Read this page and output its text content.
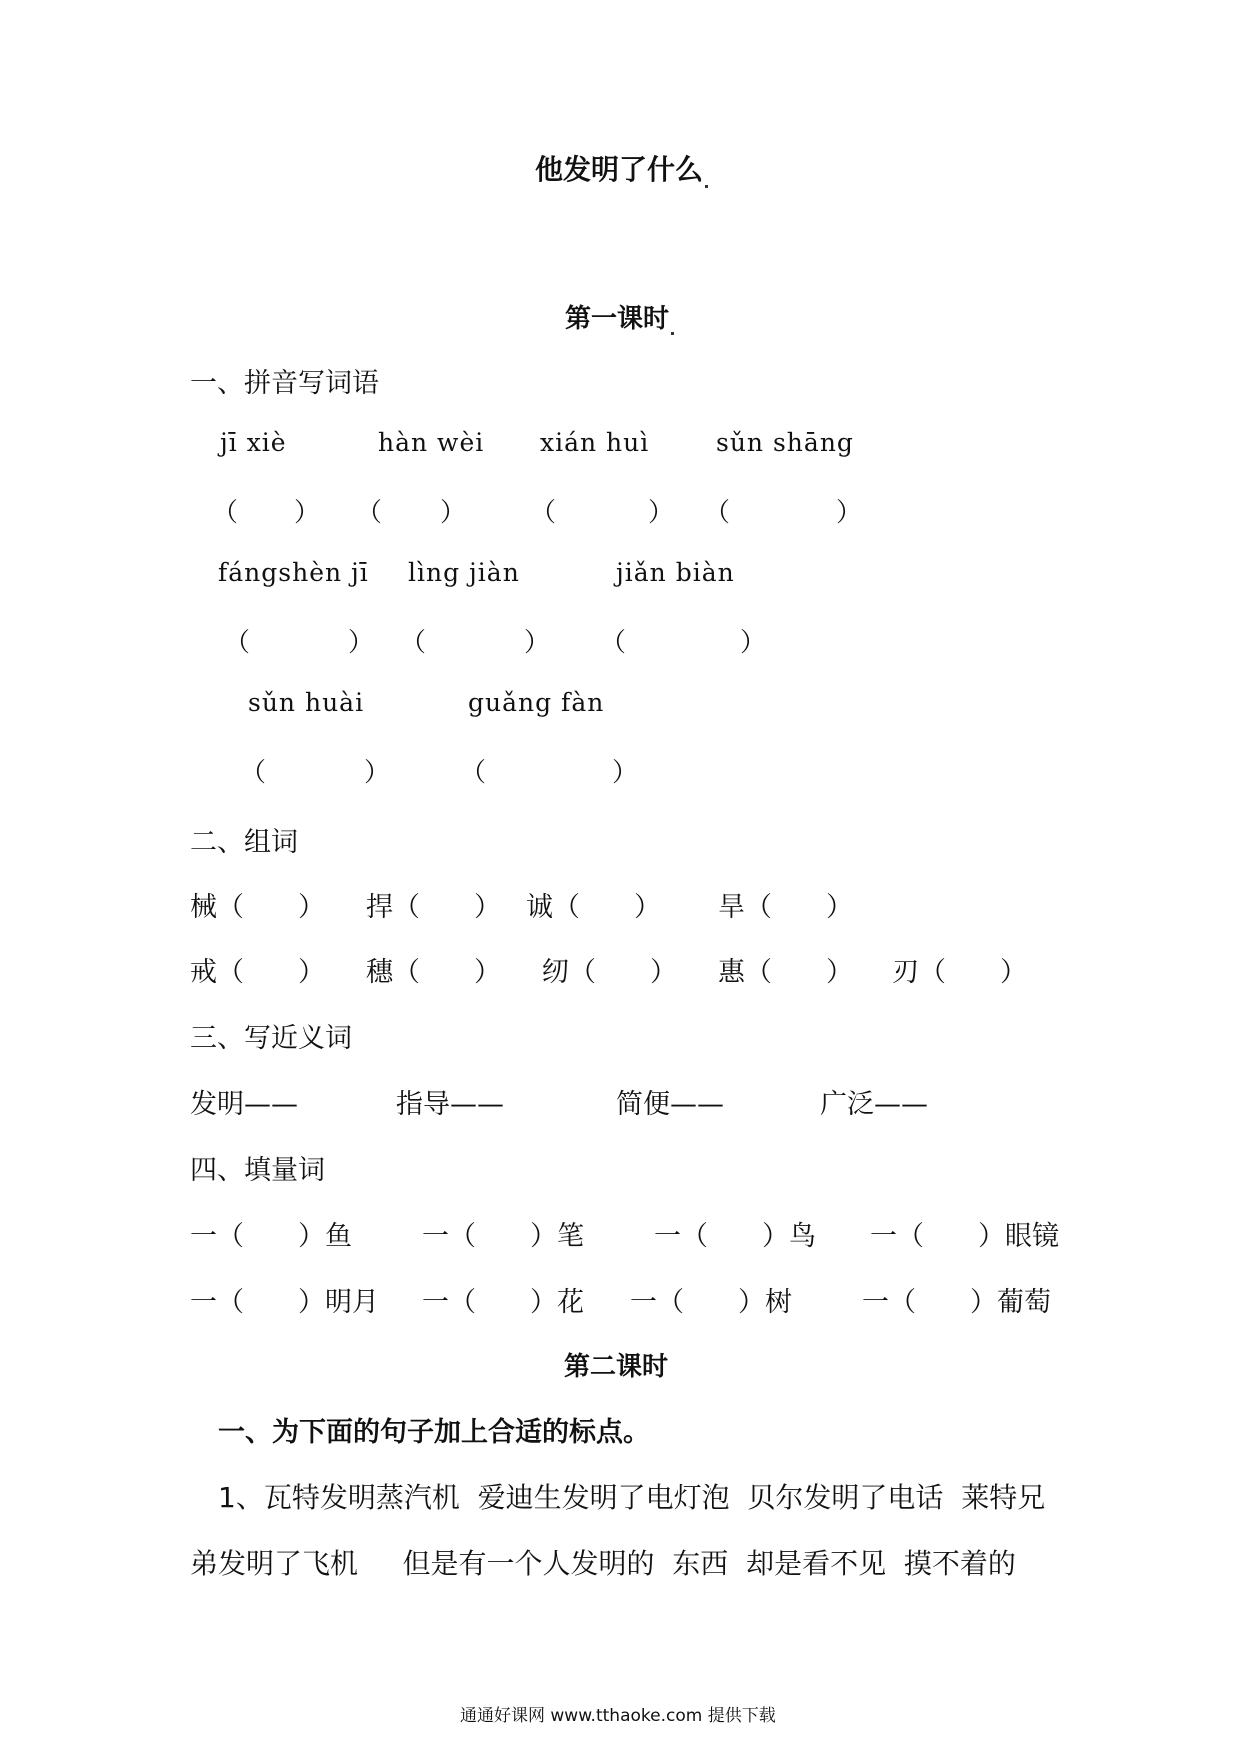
他发明了什么
第一课时
一、拼音写词语
jī xiè	hàn wèi xián huì	sǔn shāng
（ ） （ ） （	） （	）
fángshèn jī lìng jiàn	jiǎn biàn
（	） （	） （	）
sǔn huài	guǎng fàn
（	）	（	）
二、组词
械（　　） 捍（　　） 诚（　　） 旱（　　）
戒（　　） 穗（　　） 纫（　　） 惠（　　） 刃（　　）
三、写近义词
发明——	指导——	简便——	广泛——
四、填量词
一（　　）鱼	一（　　）笔	一（　　）鸟 一（　　）眼镜
一（　　）明月 一（　　）花 一（　　）树	一（　　）葡萄
第二课时
一、为下面的句子加上合适的标点。
1、瓦特发明蒸汽机  爱迪生发明了电灯泡  贝尔发明了电话  莱特兄
弟发明了飞机     但是有一个人发明的  东西  却是看不见  摸不着的
通通好课网 www.tthaoke.com 提供下载
